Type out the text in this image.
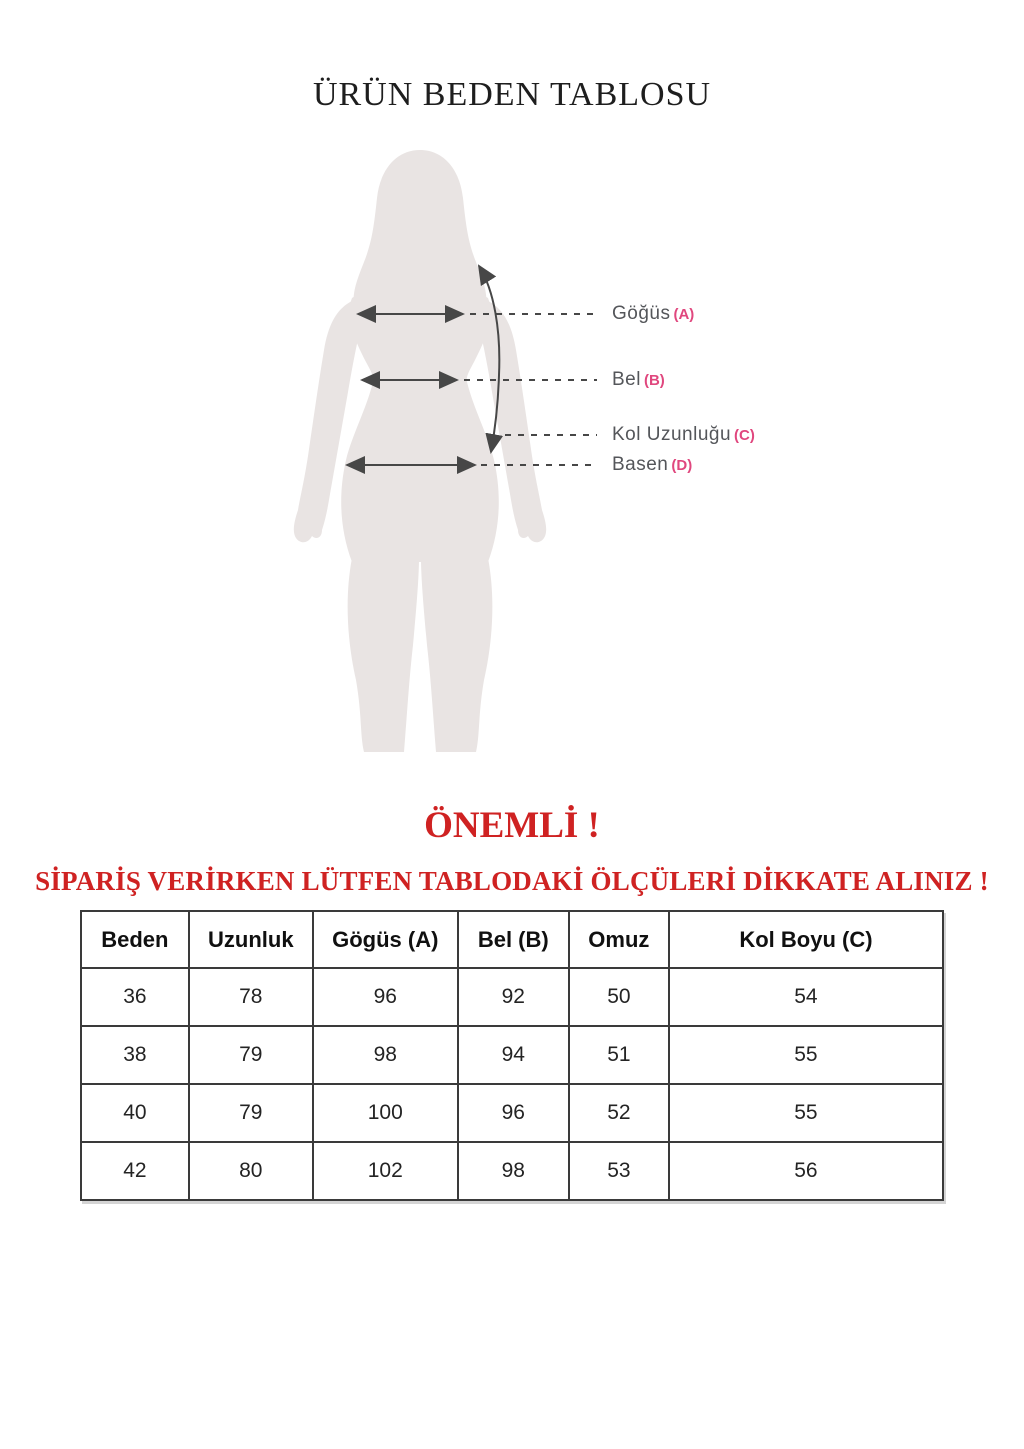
ÜRÜN BEDEN TABLOSU
Göğüs (A)
Bel (B)
Kol Uzunluğu (C)
Basen (D)
ÖNEMLİ !
SİPARİŞ VERİRKEN LÜTFEN TABLODAKİ ÖLÇÜLERİ DİKKATE ALINIZ !
Beden	Uzunluk	Gögüs (A)	Bel (B)	Omuz	Kol Boyu (C)
36	78	96	92	50	54
38	79	98	94	51	55
40	79	100	96	52	55
42	80	102	98	53	56
